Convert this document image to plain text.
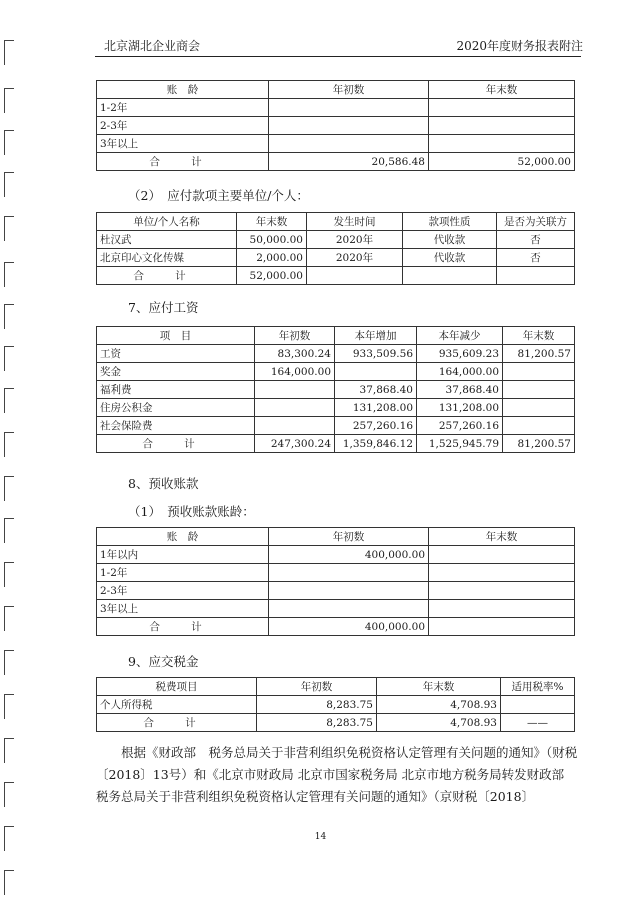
北京湖北企业商会	2020年度财务报表附注
账　龄	年初数	年末数
1-2年		
2-3年		
3年以上		
合 计	20,586.48	52,000.00
（2）　应付款项主要单位/个人：
单位/个人名称	年末数	发生时间	款项性质	是否为关联方
杜汉武	50,000.00	2020年	代收款	否
北京印心文化传媒	2,000.00	2020年	代收款	否
合 计	52,000.00			
7、应付工资
项　目	年初数	本年增加	本年减少	年末数
工资	83,300.24	933,509.56	935,609.23	81,200.57
奖金	164,000.00		164,000.00	
福利费		37,868.40	37,868.40	
住房公积金		131,208.00	131,208.00	
社会保险费		257,260.16	257,260.16	
合 计	247,300.24	1,359,846.12	1,525,945.79	81,200.57
8、预收账款
（1）　预收账款账龄：
账　龄	年初数	年末数
1年以内	400,000.00	
1-2年		
2-3年		
3年以上		
合 计	400,000.00	
9、应交税金
税费项目	年初数	年末数	适用税率%
个人所得税	8,283.75	4,708.93	
合 计	8,283.75	4,708.93	——
根据《财政部　税务总局关于非营利组织免税资格认定管理有关问题的通知》（财税〔2018〕13号）和《北京市财政局 北京市国家税务局 北京市地方税务局转发财政部 税务总局关于非营利组织免税资格认定管理有关问题的通知》（京财税〔2018〕
14
